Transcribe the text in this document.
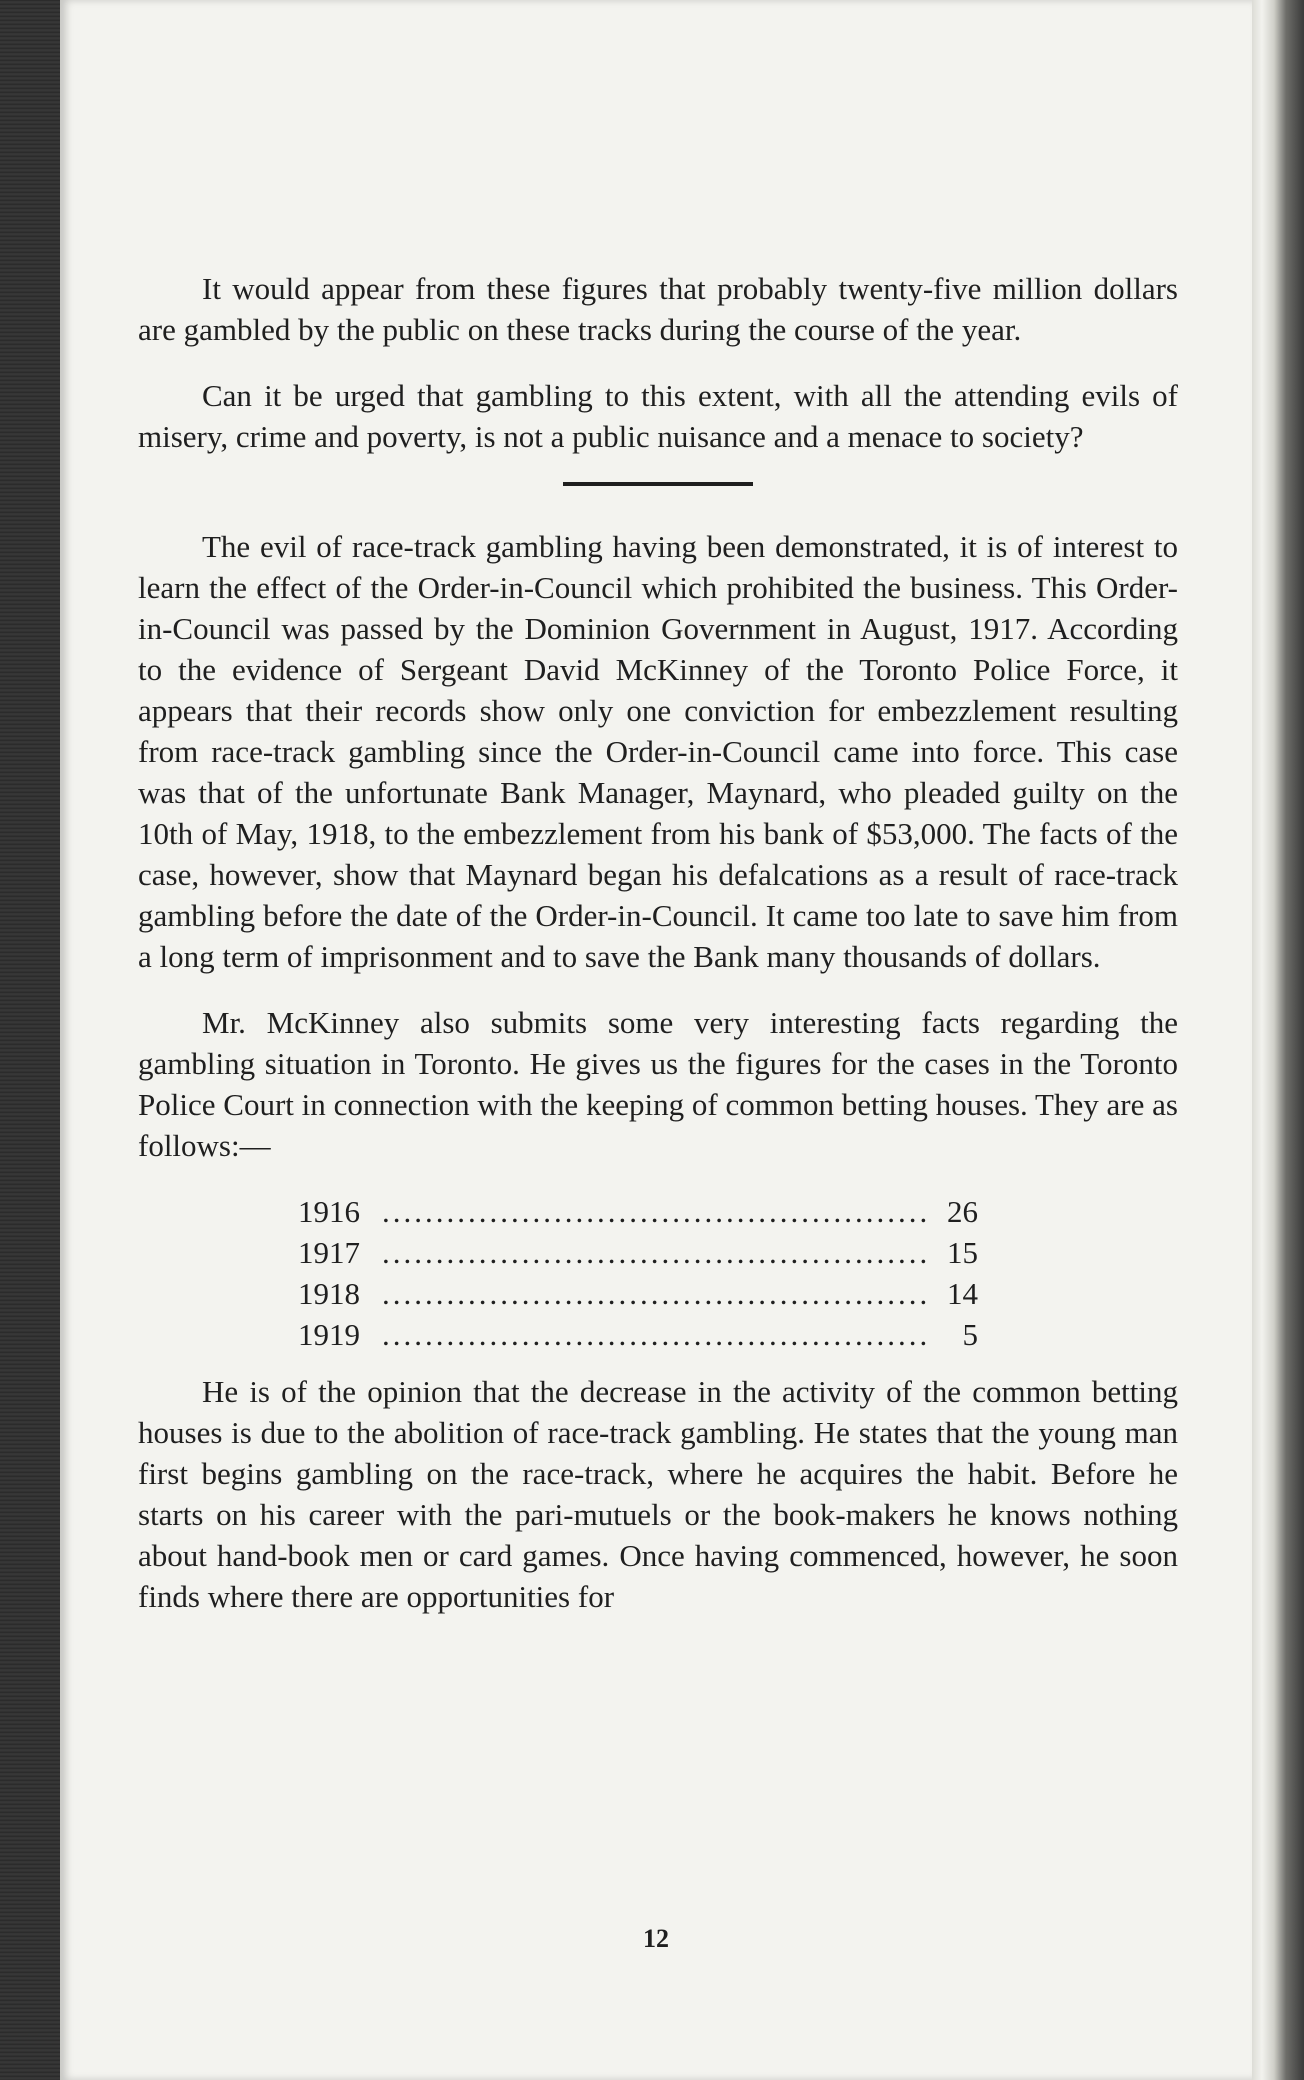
It would appear from these figures that probably twenty-five million dollars are gambled by the public on these tracks during the course of the year.

Can it be urged that gambling to this extent, with all the attending evils of misery, crime and poverty, is not a public nuisance and a menace to society?

The evil of race-track gambling having been demonstrated, it is of interest to learn the effect of the Order-in-Council which prohibited the business. This Order-in-Council was passed by the Dominion Government in August, 1917. According to the evidence of Sergeant David McKinney of the Toronto Police Force, it appears that their records show only one conviction for embezzlement resulting from race-track gambling since the Order-in-Council came into force. This case was that of the unfortunate Bank Manager, Maynard, who pleaded guilty on the 10th of May, 1918, to the embezzlement from his bank of $53,000. The facts of the case, however, show that Maynard began his defalcations as a result of race-track gambling before the date of the Order-in-Council. It came too late to save him from a long term of imprisonment and to save the Bank many thousands of dollars.

Mr. McKinney also submits some very interesting facts regarding the gambling situation in Toronto. He gives us the figures for the cases in the Toronto Police Court in connection with the keeping of common betting houses. They are as follows:—

1916 .....	26
1917 .....	15
1918 .....	14
1919 .....	5

He is of the opinion that the decrease in the activity of the common betting houses is due to the abolition of race-track gambling. He states that the young man first begins gambling on the race-track, where he acquires the habit. Before he starts on his career with the pari-mutuels or the book-makers he knows nothing about hand-book men or card games. Once having commenced, however, he soon finds where there are opportunities for

12
